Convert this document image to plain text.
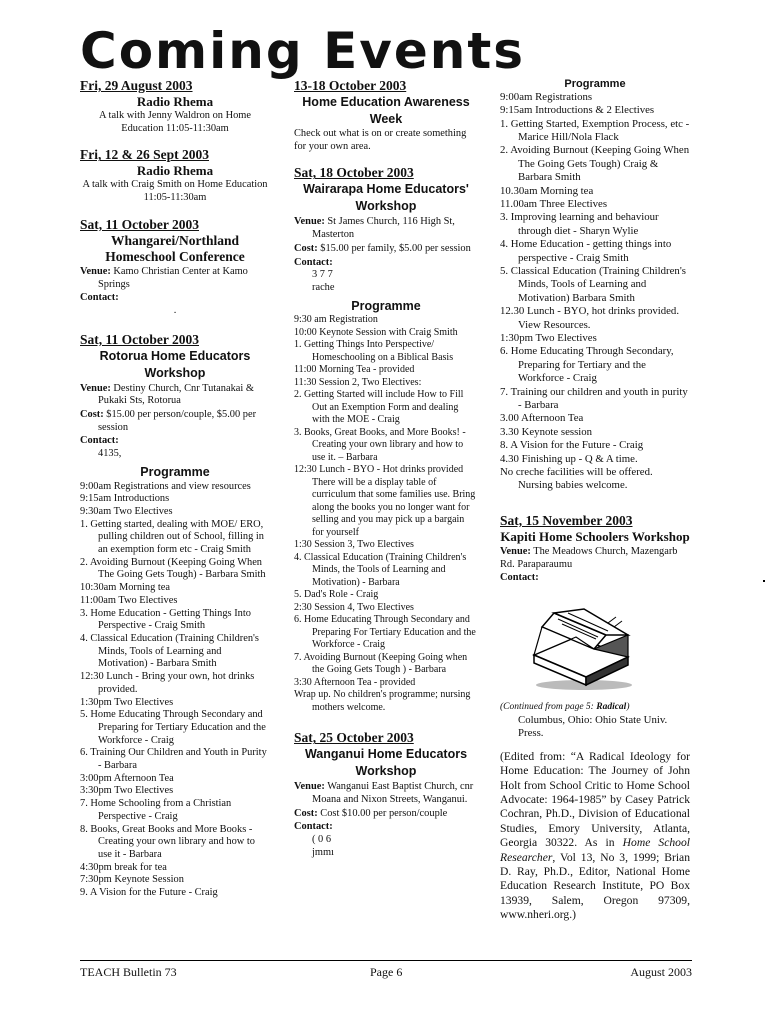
Coming Events
Fri, 29 August 2003
Radio Rhema
A talk with Jenny Waldron on Home Education 11:05-11:30am
Fri, 12 & 26 Sept 2003
Radio Rhema
A talk with Craig Smith on Home Education 11:05-11:30am
Sat, 11 October 2003
Whangarei/Northland Homeschool Conference
Venue: Kamo Christian Center at Kamo Springs
Contact:
.
Sat, 11 October 2003
Rotorua Home Educators Workshop
Venue: Destiny Church, Cnr Tutanakai & Pukaki Sts, Rotorua
Cost: $15.00 per person/couple, $5.00 per session
Contact:
4135,
Programme
9:00am Registrations and view resources
9:15am Introductions
9:30am Two Electives
1. Getting started, dealing with MOE/ ERO, pulling children out of School, filling in an exemption form etc - Craig Smith
2. Avoiding Burnout (Keeping Going When The Going Gets Tough) - Barbara Smith
10:30am Morning tea
11:00am Two Electives
3. Home Education - Getting Things Into Perspective - Craig Smith
4. Classical Education (Training Children's Minds, Tools of Learning and Motivation) - Barbara Smith
12:30 Lunch - Bring your own, hot drinks provided.
1:30pm Two Electives
5. Home Educating Through Secondary and Preparing for Tertiary Education and the Workforce - Craig
6. Training Our Children and Youth in Purity - Barbara
3:00pm Afternoon Tea
3:30pm Two Electives
7. Home Schooling from a Christian Perspective - Craig
8. Books, Great Books and More Books - Creating your own library and how to use it - Barbara
4:30pm break for tea
7:30pm Keynote Session
9. A Vision for the Future - Craig
13-18 October 2003
Home Education Awareness Week
Check out what is on or create something for your own area.
Sat, 18 October 2003
Wairarapa Home Educators' Workshop
Venue: St James Church, 116 High St, Masterton
Cost: $15.00 per family, $5.00 per session
Contact:
3 7 7
rache
Programme
9:30 am Registration
10:00 Keynote Session with Craig Smith
1. Getting Things Into Perspective/ Homeschooling on a Biblical Basis
11:00 Morning Tea - provided
11:30 Session 2, Two Electives:
2. Getting Started will include How to Fill Out an Exemption Form and dealing with the MOE - Craig
3. Books, Great Books, and More Books! - Creating your own library and how to use it. – Barbara
12:30 Lunch - BYO - Hot drinks provided There will be a display table of curriculum that some families use. Bring along the books you no longer want for selling and you may pick up a bargain for yourself
1:30 Session 3, Two Electives
4. Classical Education (Training Children's Minds, the Tools of Learning and Motivation) - Barbara
5. Dad's Role - Craig
2:30 Session 4, Two Electives
6. Home Educating Through Secondary and Preparing For Tertiary Education and the Workforce - Craig
7. Avoiding Burnout (Keeping Going when the Going Gets Tough ) - Barbara
3:30 Afternoon Tea - provided
Wrap up. No children's programme; nursing mothers welcome.
Sat, 25 October 2003
Wanganui Home Educators Workshop
Venue: Wanganui East Baptist Church, cnr Moana and Nixon Streets, Wanganui.
Cost: Cost $10.00 per person/couple
Contact:
( 0 6
jmmı
Programme
9:00am Registrations
9:15am Introductions & 2 Electives
1. Getting Started, Exemption Process, etc - Marice Hill/Nola Flack
2. Avoiding Burnout (Keeping Going When The Going Gets Tough) Craig & Barbara Smith
10.30am Morning tea
11.00am Three Electives
3. Improving learning and behaviour through diet - Sharyn Wylie
4. Home Education - getting things into perspective - Craig Smith
5. Classical Education (Training Children's Minds, Tools of Learning and Motivation) Barbara Smith
12.30 Lunch - BYO, hot drinks provided. View Resources.
1:30pm Two Electives
6. Home Educating Through Secondary, Preparing for Tertiary and the Workforce - Craig
7. Training our children and youth in purity - Barbara
3.00 Afternoon Tea
3.30 Keynote session
8. A Vision for the Future - Craig
4.30 Finishing up - Q & A time.
No creche facilities will be offered. Nursing babies welcome.
Sat, 15 November 2003
Kapiti Home Schoolers Workshop
Venue: The Meadows Church, Mazengarb Rd. Paraparaumu
Contact:
(Continued from page 5: Radical)
Columbus, Ohio: Ohio State Univ. Press.
(Edited from: “A Radical Ideology for Home Education: The Journey of John Holt from School Critic to Home School Advocate: 1964-1985” by Casey Patrick Cochran, Ph.D., Division of Educational Studies, Emory University, Atlanta, Georgia 30322. As in Home School Researcher, Vol 13, No 3, 1999; Brian D. Ray, Ph.D., Editor, National Home Education Research Institute, PO Box 13939, Salem, Oregon 97309, www.nheri.org.)
TEACH Bulletin 73	Page 6	August 2003
